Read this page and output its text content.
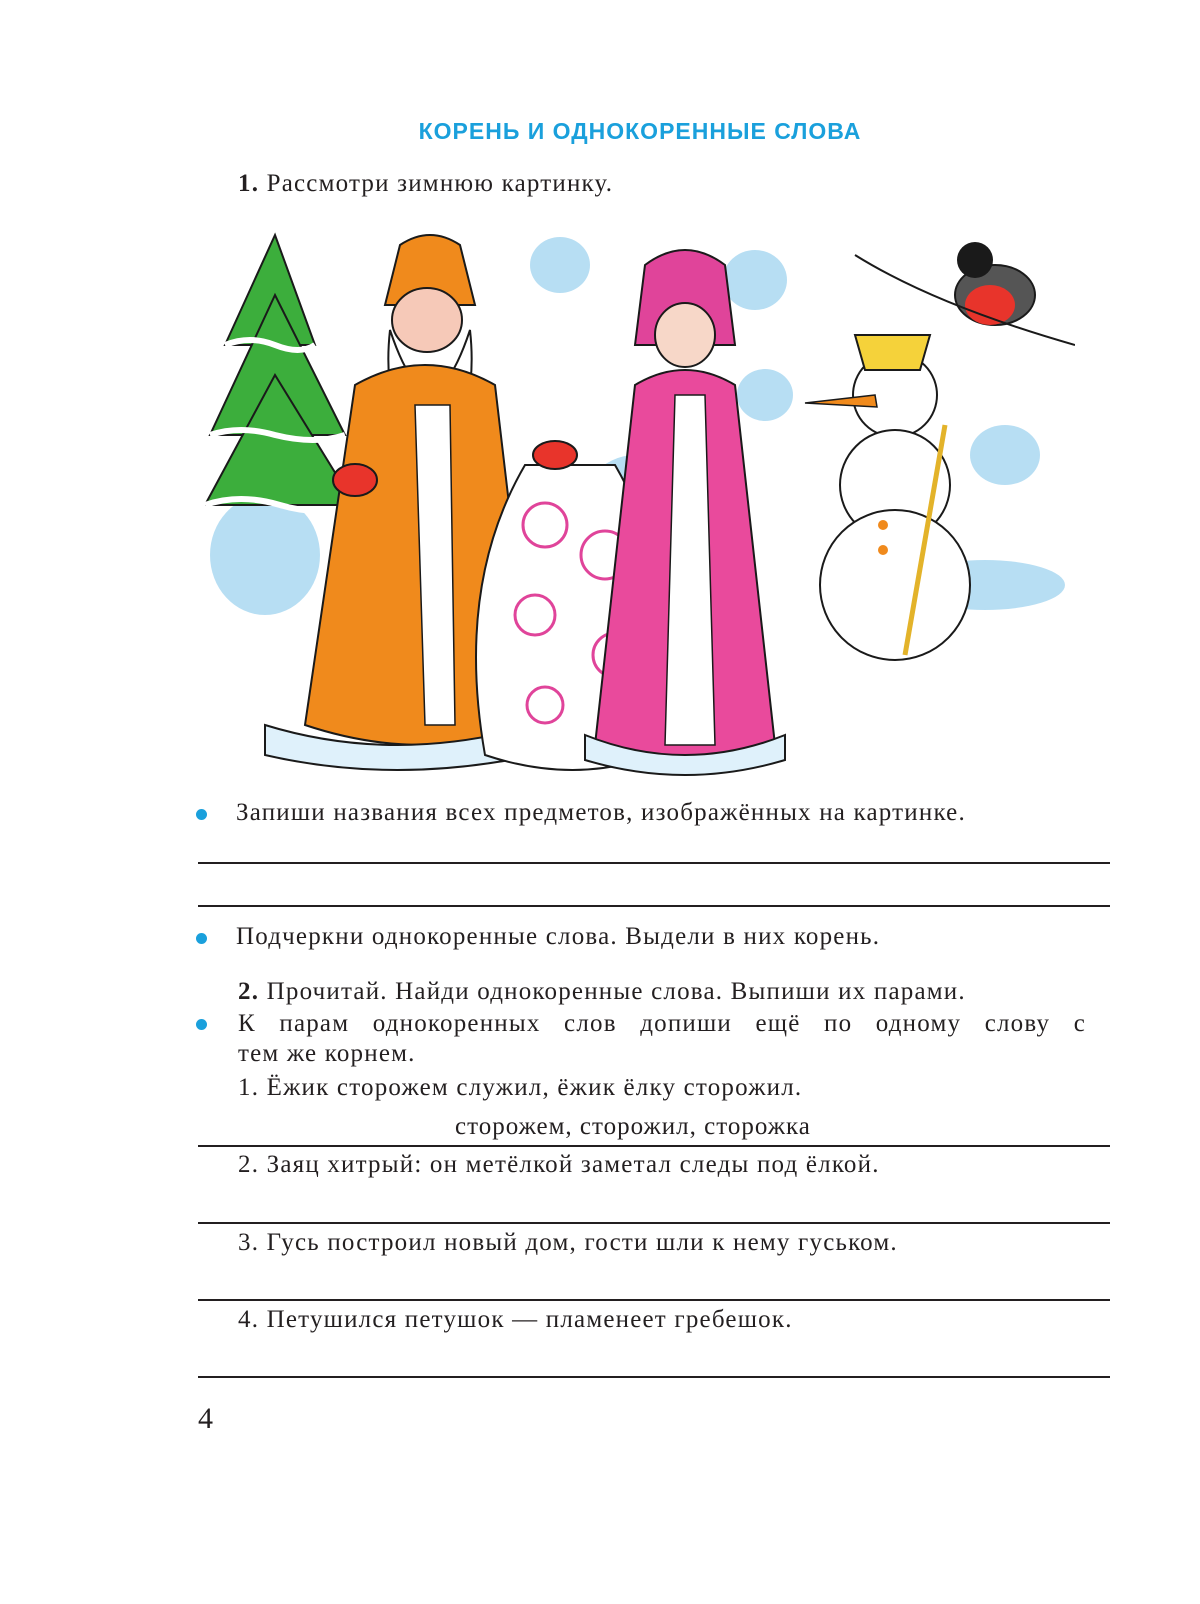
КОРЕНЬ И ОДНОКОРЕННЫЕ СЛОВА
1. Рассмотри зимнюю картинку.
Запиши названия всех предметов, изображённых на картинке.
Подчеркни однокоренные слова. Выдели в них корень.
2. Прочитай. Найди однокоренные слова. Выпиши их парами.
К парам однокоренных слов допиши ещё по одному слову с
тем же корнем.
1. Ёжик сторожем служил, ёжик ёлку сторожил.
сторожем, сторожил, сторожка
2. Заяц хитрый: он метёлкой заметал следы под ёлкой.
3. Гусь построил новый дом, гости шли к нему гуськом.
4. Петушился петушок — пламенеет гребешок.
4
